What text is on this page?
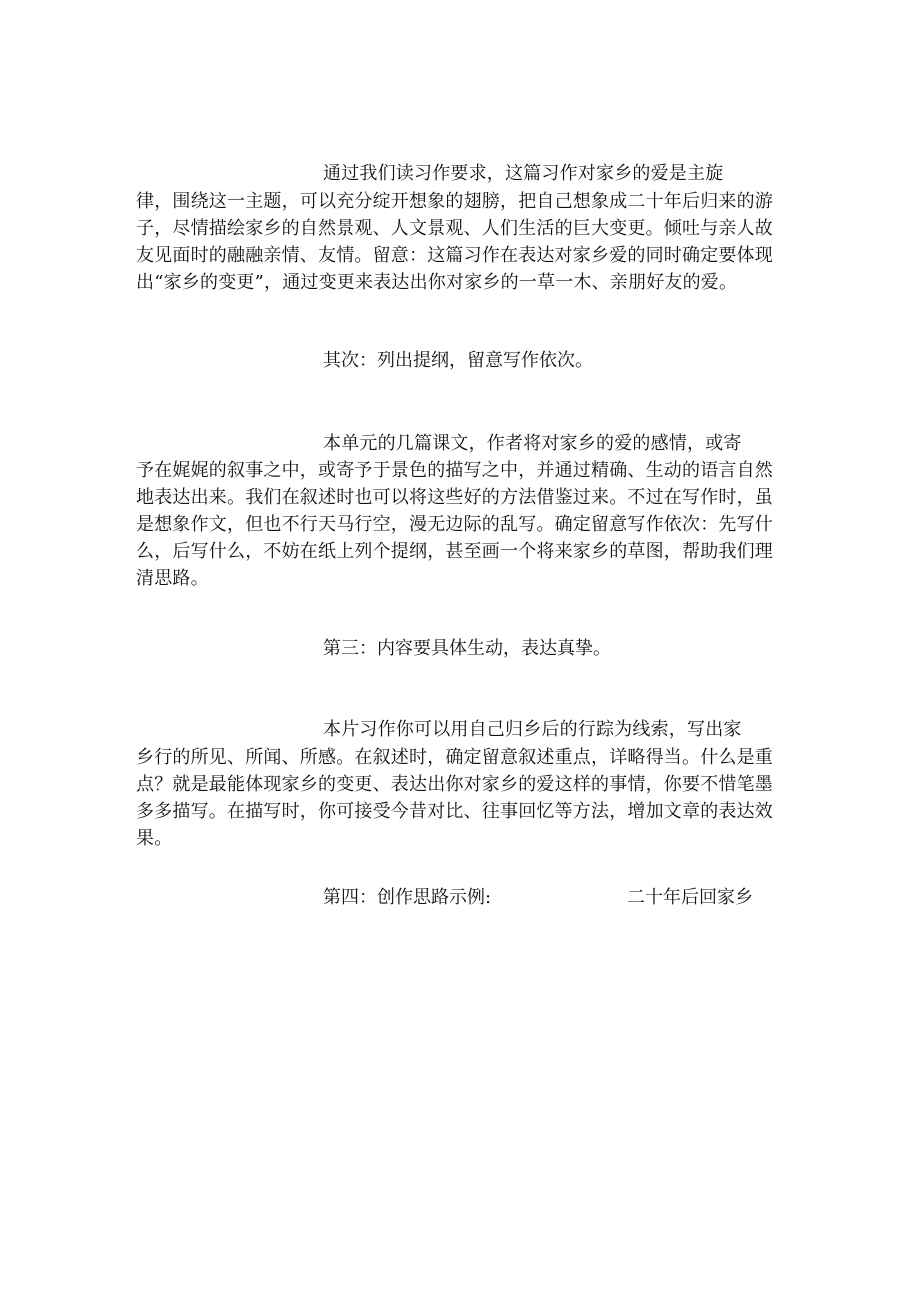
通过我们读习作要求，这篇习作对家乡的爱是主旋
律，围绕这一主题，可以充分绽开想象的翅膀，把自己想象成二十年后归来的游
子，尽情描绘家乡的自然景观、人文景观、人们生活的巨大变更。倾吐与亲人故
友见面时的融融亲情、友情。留意：这篇习作在表达对家乡爱的同时确定要体现
出“家乡的变更”，通过变更来表达出你对家乡的一草一木、亲朋好友的爱。
其次：列出提纲，留意写作依次。
本单元的几篇课文，作者将对家乡的爱的感情，或寄
予在娓娓的叙事之中，或寄予于景色的描写之中，并通过精确、生动的语言自然
地表达出来。我们在叙述时也可以将这些好的方法借鉴过来。不过在写作时，虽
是想象作文，但也不行天马行空，漫无边际的乱写。确定留意写作依次：先写什
么，后写什么，不妨在纸上列个提纲，甚至画一个将来家乡的草图，帮助我们理
清思路。
第三：内容要具体生动，表达真挚。
本片习作你可以用自己归乡后的行踪为线索，写出家
乡行的所见、所闻、所感。在叙述时，确定留意叙述重点，详略得当。什么是重
点？就是最能体现家乡的变更、表达出你对家乡的爱这样的事情，你要不惜笔墨
多多描写。在描写时，你可接受今昔对比、往事回忆等方法，增加文章的表达效
果。
第四：创作思路示例:	二十年后回家乡
